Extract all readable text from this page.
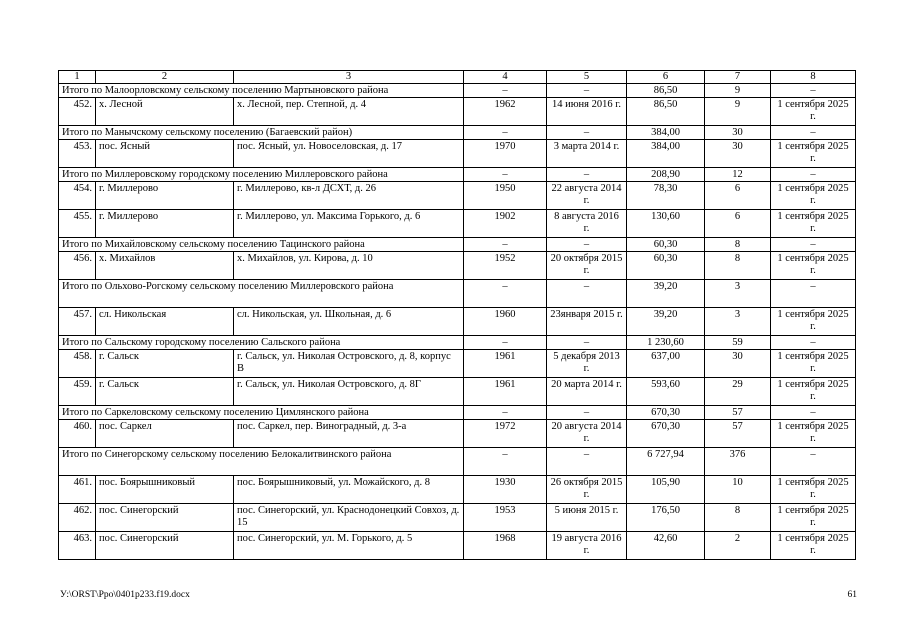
1	2	3	4	5	6	7	8
Итого по Малоорловскому сельскому поселению Мартыновского района			–	–	86,50	9	–
452.	х. Лесной	х. Лесной, пер. Степной, д. 4	1962	14 июня 2016 г.	86,50	9	1 сентября 2025 г.
Итого по Манычскому сельскому поселению (Багаевский район)			–	–	384,00	30	–
453.	пос. Ясный	пос. Ясный, ул. Новоселовская, д. 17	1970	3 марта 2014 г.	384,00	30	1 сентября 2025 г.
Итого по Миллеровскому городскому поселению Миллеровского района			–	–	208,90	12	–
454.	г. Миллерово	г. Миллерово, кв-л ДСХТ, д. 26	1950	22 августа 2014 г.	78,30	6	1 сентября 2025 г.
455.	г. Миллерово	г. Миллерово, ул. Максима Горького, д. 6	1902	8 августа 2016 г.	130,60	6	1 сентября 2025 г.
Итого по Михайловскому сельскому поселению Тацинского района			–	–	60,30	8	–
456.	х. Михайлов	х. Михайлов, ул. Кирова, д. 10	1952	20 октября 2015 г.	60,30	8	1 сентября 2025 г.
Итого по Ольхово-Рогскому сельскому поселению Миллеровского района			–	–	39,20	3	–
457.	сл. Никольская	сл. Никольская, ул. Школьная, д. 6	1960	23января 2015 г.	39,20	3	1 сентября 2025 г.
Итого по Сальскому городскому поселению Сальского района			–	–	1 230,60	59	–
458.	г. Сальск	г. Сальск, ул. Николая Островского, д. 8, корпус В	1961	5 декабря 2013 г.	637,00	30	1 сентября 2025 г.
459.	г. Сальск	г. Сальск, ул. Николая Островского, д. 8Г	1961	20 марта 2014 г.	593,60	29	1 сентября 2025 г.
Итого по Саркеловскому сельскому поселению Цимлянского района			–	–	670,30	57	–
460.	пос. Саркел	пос. Саркел, пер. Виноградный, д. 3-а	1972	20 августа 2014 г.	670,30	57	1 сентября 2025 г.
Итого по Синегорскому сельскому поселению Белокалитвинского района			–	–	6 727,94	376	–
461.	пос. Боярышниковый	пос. Боярышниковый, ул. Можайского, д. 8	1930	26 октября 2015 г.	105,90	10	1 сентября 2025 г.
462.	пос. Синегорский	пос. Синегорский, ул. Краснодонецкий Совхоз, д. 15	1953	5 июня 2015 г.	176,50	8	1 сентября 2025 г.
463.	пос. Синегорский	пос. Синегорский, ул. М. Горького, д. 5	1968	19 августа 2016 г.	42,60	2	1 сентября 2025 г.
У:\ORST\Ppo\0401p233.f19.docx	61
